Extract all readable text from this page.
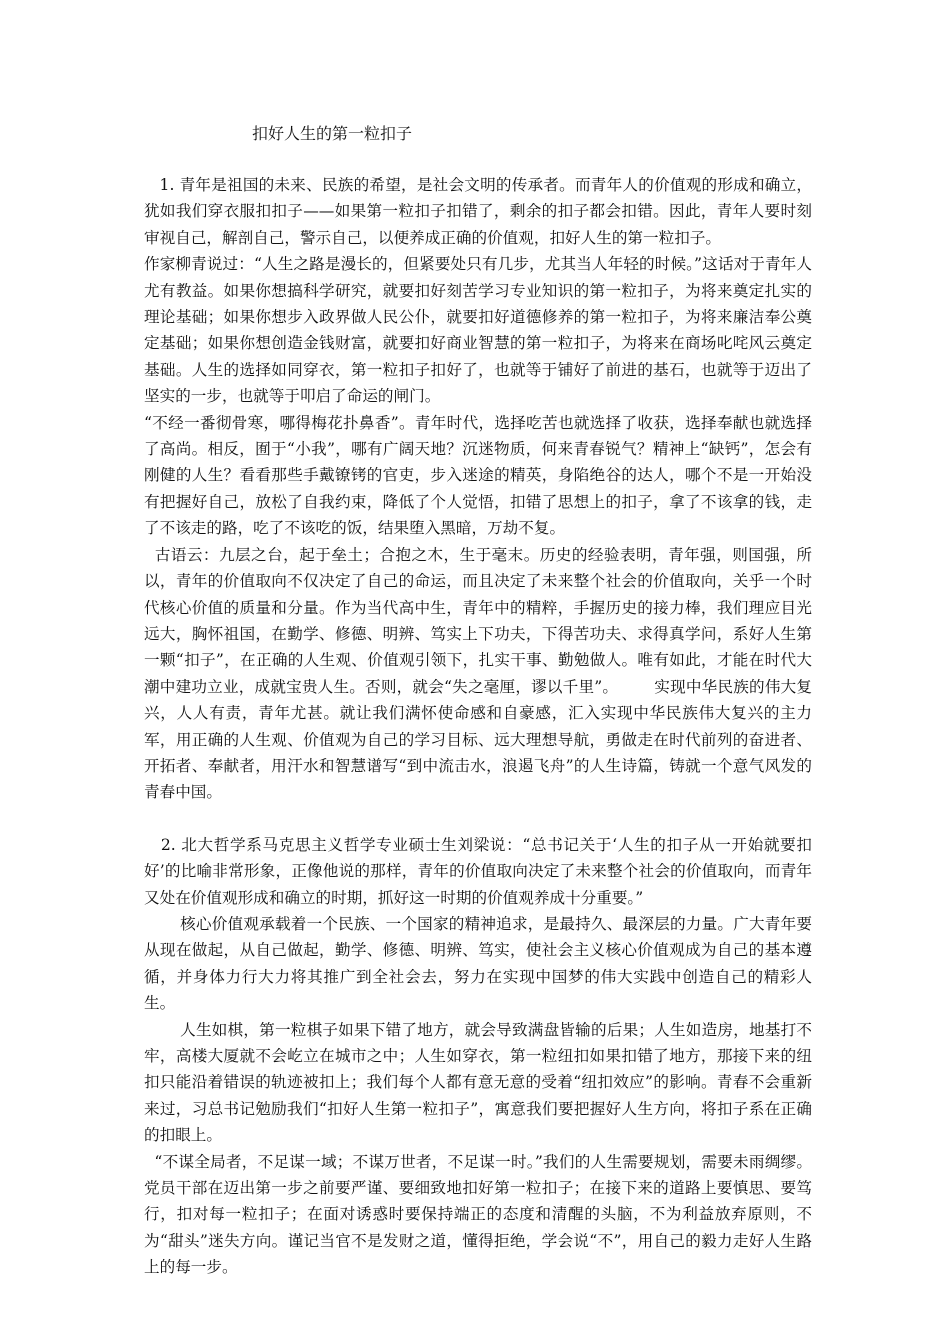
扣好人生的第一粒扣子

1. 青年是祖国的未来、民族的希望，是社会文明的传承者。而青年人的价值观的形成和确立，犹如我们穿衣服扣扣子——如果第一粒扣子扣错了，剩余的扣子都会扣错。因此，青年人要时刻审视自己，解剖自己，警示自己，以便养成正确的价值观，扣好人生的第一粒扣子。

作家柳青说过：“人生之路是漫长的，但紧要处只有几步，尤其当人年轻的时候。”这话对于青年人尤有教益。如果你想搞科学研究，就要扣好刻苦学习专业知识的第一粒扣子，为将来奠定扎实的理论基础；如果你想步入政界做人民公仆，就要扣好道德修养的第一粒扣子，为将来廉洁奉公奠定基础；如果你想创造金钱财富，就要扣好商业智慧的第一粒扣子，为将来在商场叱咤风云奠定基础。人生的选择如同穿衣，第一粒扣子扣好了，也就等于铺好了前进的基石，也就等于迈出了坚实的一步，也就等于叩启了命运的闸门。

“不经一番彻骨寒，哪得梅花扑鼻香”。青年时代，选择吃苦也就选择了收获，选择奉献也就选择了高尚。相反，囿于“小我”，哪有广阔天地？沉迷物质，何来青春锐气？精神上“缺钙”，怎会有刚健的人生？看看那些手戴镣铐的官吏，步入迷途的精英，身陷绝谷的达人，哪个不是一开始没有把握好自己，放松了自我约束，降低了个人觉悟，扣错了思想上的扣子，拿了不该拿的钱，走了不该走的路，吃了不该吃的饭，结果堕入黑暗，万劫不复。

古语云：九层之台，起于垒土；合抱之木，生于毫末。历史的经验表明，青年强，则国强，所以，青年的价值取向不仅决定了自己的命运，而且决定了未来整个社会的价值取向，关乎一个时代核心价值的质量和分量。作为当代高中生，青年中的精粹，手握历史的接力棒，我们理应目光远大，胸怀祖国，在勤学、修德、明辨、笃实上下功夫，下得苦功夫、求得真学问，系好人生第一颗“扣子”，在正确的人生观、价值观引领下，扎实干事、勤勉做人。唯有如此，才能在时代大潮中建功立业，成就宝贵人生。否则，就会“失之毫厘，谬以千里”。       实现中华民族的伟大复兴，人人有责，青年尤甚。就让我们满怀使命感和自豪感，汇入实现中华民族伟大复兴的主力军，用正确的人生观、价值观为自己的学习目标、远大理想导航，勇做走在时代前列的奋进者、开拓者、奉献者，用汗水和智慧谱写“到中流击水，浪遏飞舟”的人生诗篇，铸就一个意气风发的青春中国。

2. 北大哲学系马克思主义哲学专业硕士生刘梁说：“总书记关于‘人生的扣子从一开始就要扣好’的比喻非常形象，正像他说的那样，青年的价值取向决定了未来整个社会的价值取向，而青年又处在价值观形成和确立的时期，抓好这一时期的价值观养成十分重要。”

核心价值观承载着一个民族、一个国家的精神追求，是最持久、最深层的力量。广大青年要从现在做起，从自己做起，勤学、修德、明辨、笃实，使社会主义核心价值观成为自己的基本遵循，并身体力行大力将其推广到全社会去，努力在实现中国梦的伟大实践中创造自己的精彩人生。

人生如棋，第一粒棋子如果下错了地方，就会导致满盘皆输的后果；人生如造房，地基打不牢，高楼大厦就不会屹立在城市之中；人生如穿衣，第一粒纽扣如果扣错了地方，那接下来的纽扣只能沿着错误的轨迹被扣上；我们每个人都有意无意的受着“纽扣效应”的影响。青春不会重新来过，习总书记勉励我们“扣好人生第一粒扣子”，寓意我们要把握好人生方向，将扣子系在正确的扣眼上。

“不谋全局者，不足谋一域；不谋万世者，不足谋一时。”我们的人生需要规划，需要未雨绸缪。党员干部在迈出第一步之前要严谨、要细致地扣好第一粒扣子；在接下来的道路上要慎思、要笃行，扣对每一粒扣子；在面对诱惑时要保持端正的态度和清醒的头脑，不为利益放弃原则，不为“甜头”迷失方向。谨记当官不是发财之道，懂得拒绝，学会说“不”，用自己的毅力走好人生路上的每一步。
